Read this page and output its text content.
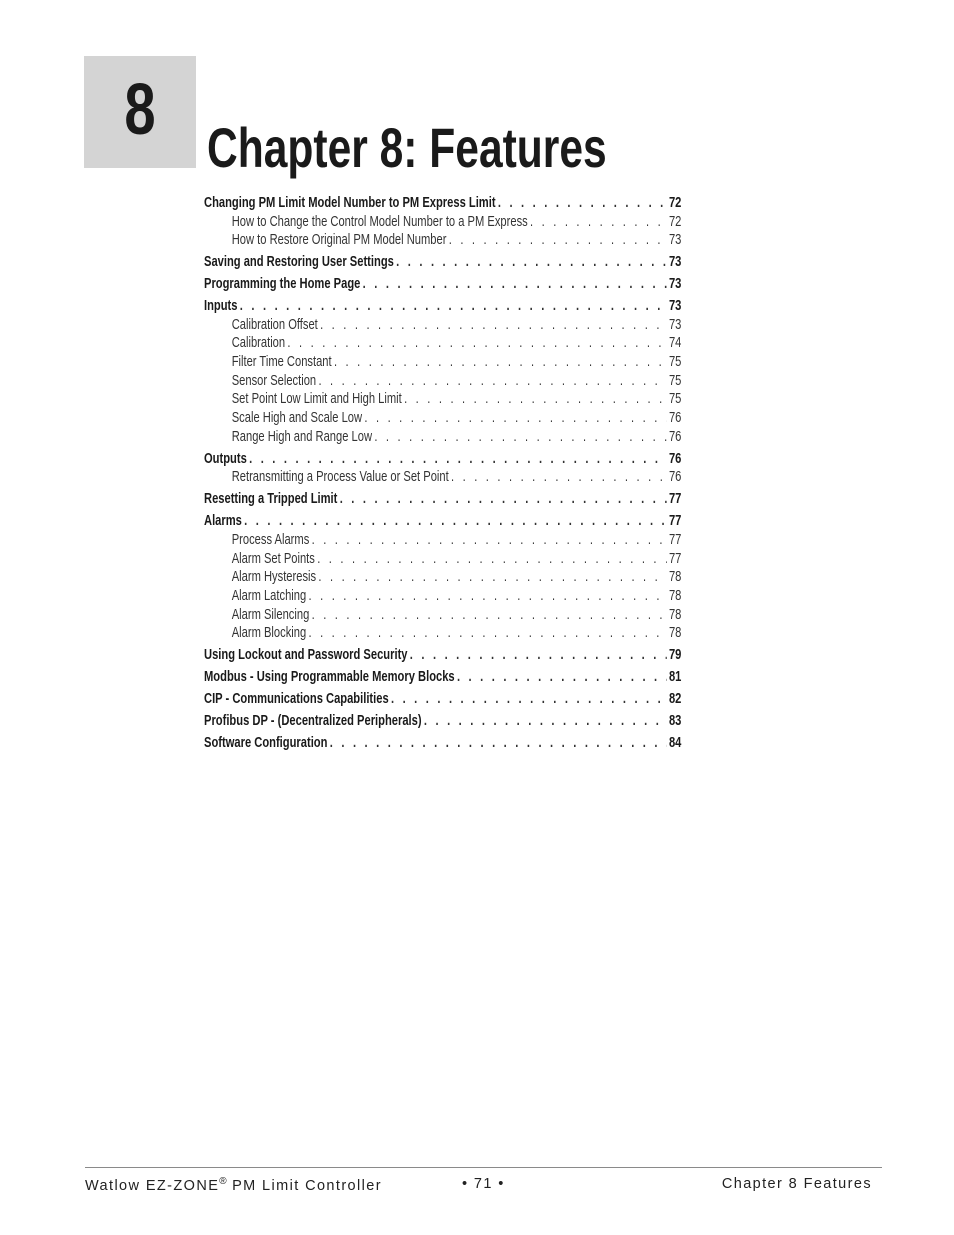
8 Chapter 8: Features
Changing PM Limit Model Number to PM Express Limit . . .	72
How to Change the Control Model Number to a PM Express . . .	72
How to Restore Original PM Model Number . . .	73
Saving and Restoring User Settings . . .	73
Programming the Home Page . . .	73
Inputs . . .	73
Calibration Offset . . .	73
Calibration . . .	74
Filter Time Constant . . .	75
Sensor Selection . . .	75
Set Point Low Limit and High Limit . . .	75
Scale High and Scale Low . . .	76
Range High and Range Low . . .	76
Outputs . . .	76
Retransmitting a Process Value or Set Point . . .	76
Resetting a Tripped Limit . . .	77
Alarms . . .	77
Process Alarms . . .	77
Alarm Set Points . . .	77
Alarm Hysteresis . . .	78
Alarm Latching . . .	78
Alarm Silencing . . .	78
Alarm Blocking . . .	78
Using Lockout and Password Security . . .	79
Modbus - Using Programmable Memory Blocks . . .	81
CIP - Communications Capabilities . . .	82
Profibus DP - (Decentralized Peripherals) . . .	83
Software Configuration . . .	84
Watlow EZ-ZONE® PM Limit Controller	• 71 •	Chapter 8 Features
